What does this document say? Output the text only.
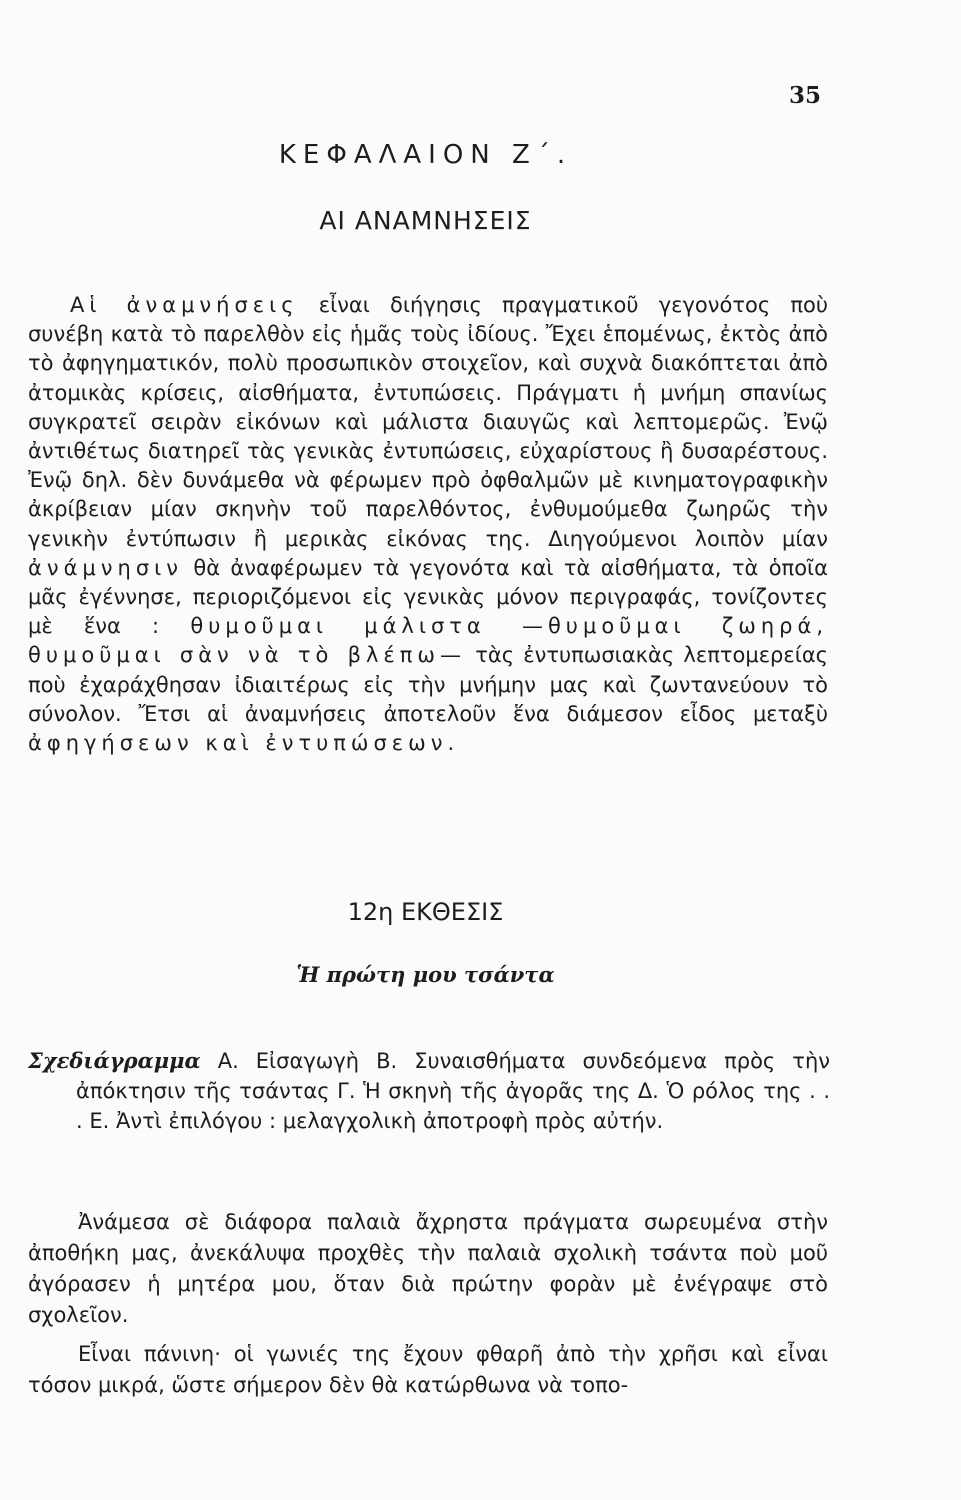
35
ΚΕΦΑΛΑΙΟΝ Ζ΄.
ΑΙ ΑΝΑΜΝΗΣΕΙΣ

Αἱ ἀναμνήσεις εἶναι διήγησις πραγματικοῦ γεγονότος ποὺ συνέβη κατὰ τὸ παρελθὸν εἰς ἡμᾶς τοὺς ἰδίους. Ἔχει ἑπομένως, ἐκτὸς ἀπὸ τὸ ἀφηγηματικόν, πολὺ προσωπικὸν στοιχεῖον, καὶ συχνὰ διακόπτεται ἀπὸ ἀτομικὰς κρίσεις, αἰσθήματα, ἐντυπώσεις. Πράγματι ἡ μνήμη σπανίως συγκρατεῖ σειρὰν εἰκόνων καὶ μάλιστα διαυγῶς καὶ λεπτομερῶς. Ἐνῷ ἀντιθέτως διατηρεῖ τὰς γενικὰς ἐντυπώσεις, εὐχαρίστους ἢ δυσαρέστους. Ἐνῷ δηλ. δὲν δυνάμεθα νὰ φέρωμεν πρὸ ὀφθαλμῶν μὲ κινηματογραφικὴν ἀκρίβειαν μίαν σκηνὴν τοῦ παρελθόντος, ἐνθυμούμεθα ζωηρῶς τὴν γενικὴν ἐντύπωσιν ἢ μερικὰς εἰκόνας της. Διηγούμενοι λοιπὸν μίαν ἀνάμνησιν θὰ ἀναφέρωμεν τὰ γεγονότα καὶ τὰ αἰσθήματα, τὰ ὁποῖα μᾶς ἐγέννησε, περιοριζόμενοι εἰς γενικὰς μόνον περιγραφάς, τονίζοντες μὲ ἕνα : θυμοῦμαι μάλιστα —θυμοῦμαι ζωηρά, θυμοῦμαι σὰν νὰ τὸ βλέπω— τὰς ἐντυπωσιακὰς λεπτομερείας ποὺ ἐχαράχθησαν ἰδιαιτέρως εἰς τὴν μνήμην μας καὶ ζωντανεύουν τὸ σύνολον. Ἔτσι αἱ ἀναμνήσεις ἀποτελοῦν ἕνα διάμεσον εἶδος μεταξὺ ἀφηγήσεων καὶ ἐντυπώσεων.

12η ΕΚΘΕΣΙΣ
Ἡ πρώτη μου τσάντα

Σχεδιάγραμμα Α. Εἰσαγωγὴ Β. Συναισθήματα συνδεόμενα πρὸς τὴν ἀπόκτησιν τῆς τσάντας Γ. Ἡ σκηνὴ τῆς ἀγορᾶς της Δ. Ὁ ρόλος της . . . Ε. Ἀντὶ ἐπιλόγου : μελαγχολικὴ ἀποτροφὴ πρὸς αὐτήν.

Ἀνάμεσα σὲ διάφορα παλαιὰ ἄχρηστα πράγματα σωρευμένα στὴν ἀποθήκη μας, ἀνεκάλυψα προχθὲς τὴν παλαιὰ σχολικὴ τσάντα ποὺ μοῦ ἀγόρασεν ἡ μητέρα μου, ὅταν διὰ πρώτην φορὰν μὲ ἐνέγραψε στὸ σχολεῖον.

Εἶναι πάνινη· οἱ γωνιές της ἔχουν φθαρῆ ἀπὸ τὴν χρῆσι καὶ εἶναι τόσον μικρά, ὥστε σήμερον δὲν θὰ κατώρθωνα νὰ τοπο-
